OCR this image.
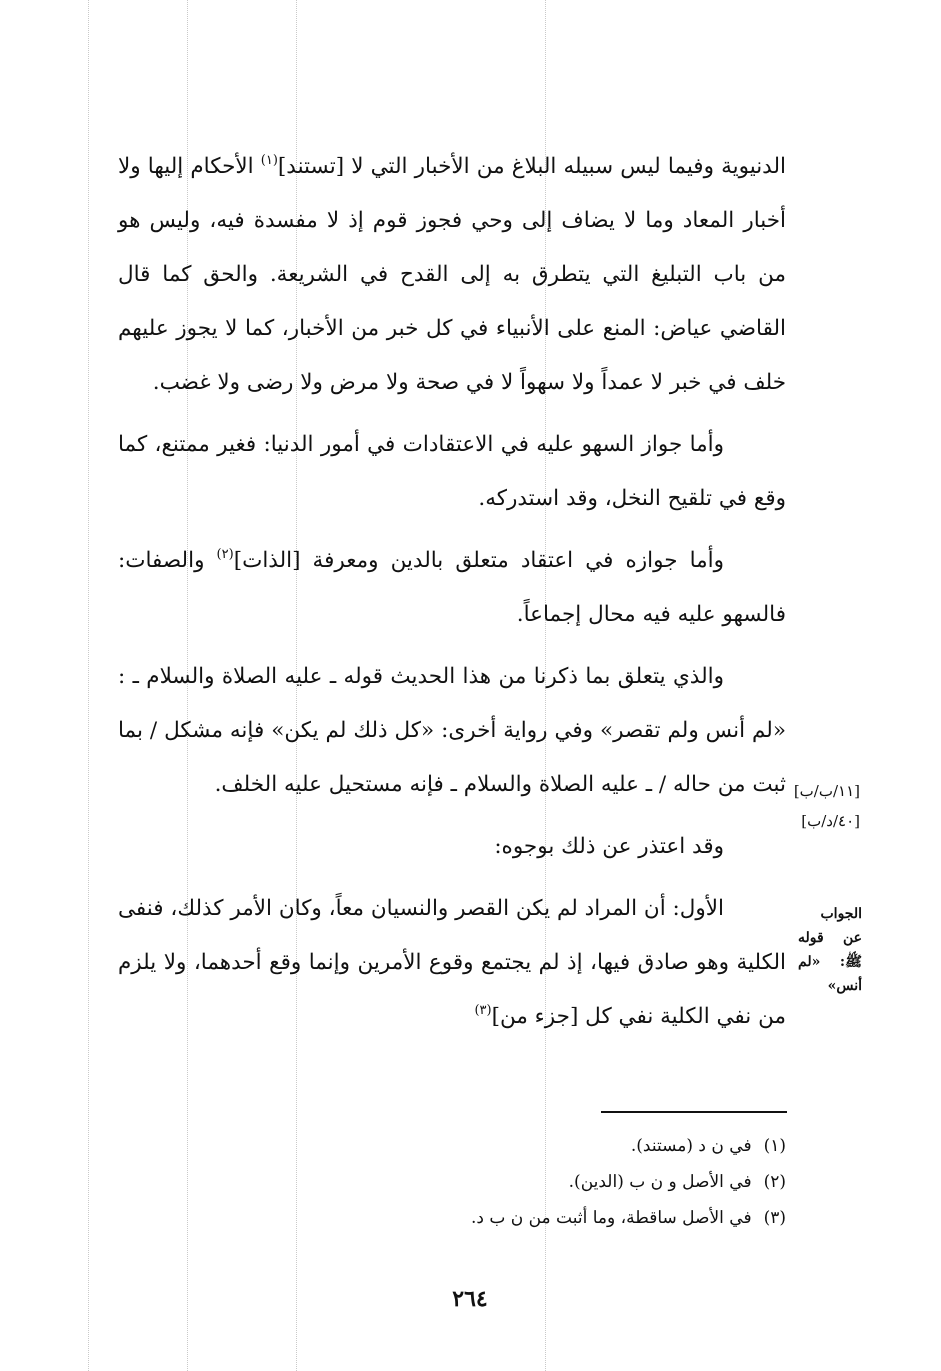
الدنيوية وفيما ليس سبيله البلاغ من الأخبار التي لا [تستند]$^{(١)}$ الأحكام إليها ولا أخبار المعاد وما لا يضاف إلى وحي فجوز قوم إذ لا مفسدة فيه، وليس هو من باب التبليغ التي يتطرق به إلى القدح في الشريعة. والحق كما قال القاضي عياض: المنع على الأنبياء في كل خبر من الأخبار، كما لا يجوز عليهم خلف في خبر لا عمداً ولا سهواً لا في صحة ولا مرض ولا رضى ولا غضب.

وأما جواز السهو عليه في الاعتقادات في أمور الدنيا: فغير ممتنع، كما وقع في تلقيح النخل، وقد استدركه.

وأما جوازه في اعتقاد متعلق بالدين ومعرفة [الذات]$^{(٢)}$ والصفات: فالسهو عليه فيه محال إجماعاً.

والذي يتعلق بما ذكرنا من هذا الحديث قوله ـ عليه الصلاة والسلام ـ : «لم أنس ولم تقصر» وفي رواية أخرى: «كل ذلك لم يكن» فإنه مشكل / بما ثبت من حاله / ـ عليه الصلاة والسلام ـ فإنه مستحيل عليه الخلف.

وقد اعتذر عن ذلك بوجوه:

الأول: أن المراد لم يكن القصر والنسيان معاً، وكان الأمر كذلك، فنفى الكلية وهو صادق فيها، إذ لم يجتمع وقوع الأمرين وإنما وقع أحدهما، ولا يلزم من نفي الكلية نفي كل [جزء من]$^{(٣)}$

[١١/ب/ب]
[٤٠/د/ب]
الجواب عن قوله ﷺ: «لم أنس»
(١)في ن د (مستند).
(٢)في الأصل و ن ب (الدين).
(٣)في الأصل ساقطة، وما أثبت من ن ب د.
٢٦٤
